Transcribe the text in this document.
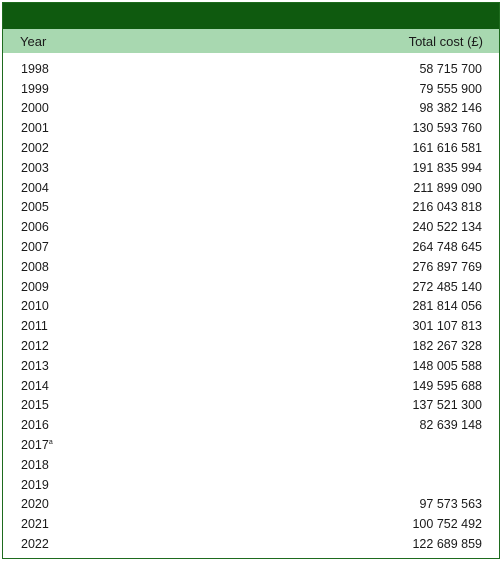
Year	Total cost (£)
1998	58 715 700
1999	79 555 900
2000	98 382 146
2001	130 593 760
2002	161 616 581
2003	191 835 994
2004	211 899 090
2005	216 043 818
2006	240 522 134
2007	264 748 645
2008	276 897 769
2009	272 485 140
2010	281 814 056
2011	301 107 813
2012	182 267 328
2013	148 005 588
2014	149 595 688
2015	137 521 300
2016	82 639 148
2017$^a$
2018
2019
2020	97 573 563
2021	100 752 492
2022	122 689 859
